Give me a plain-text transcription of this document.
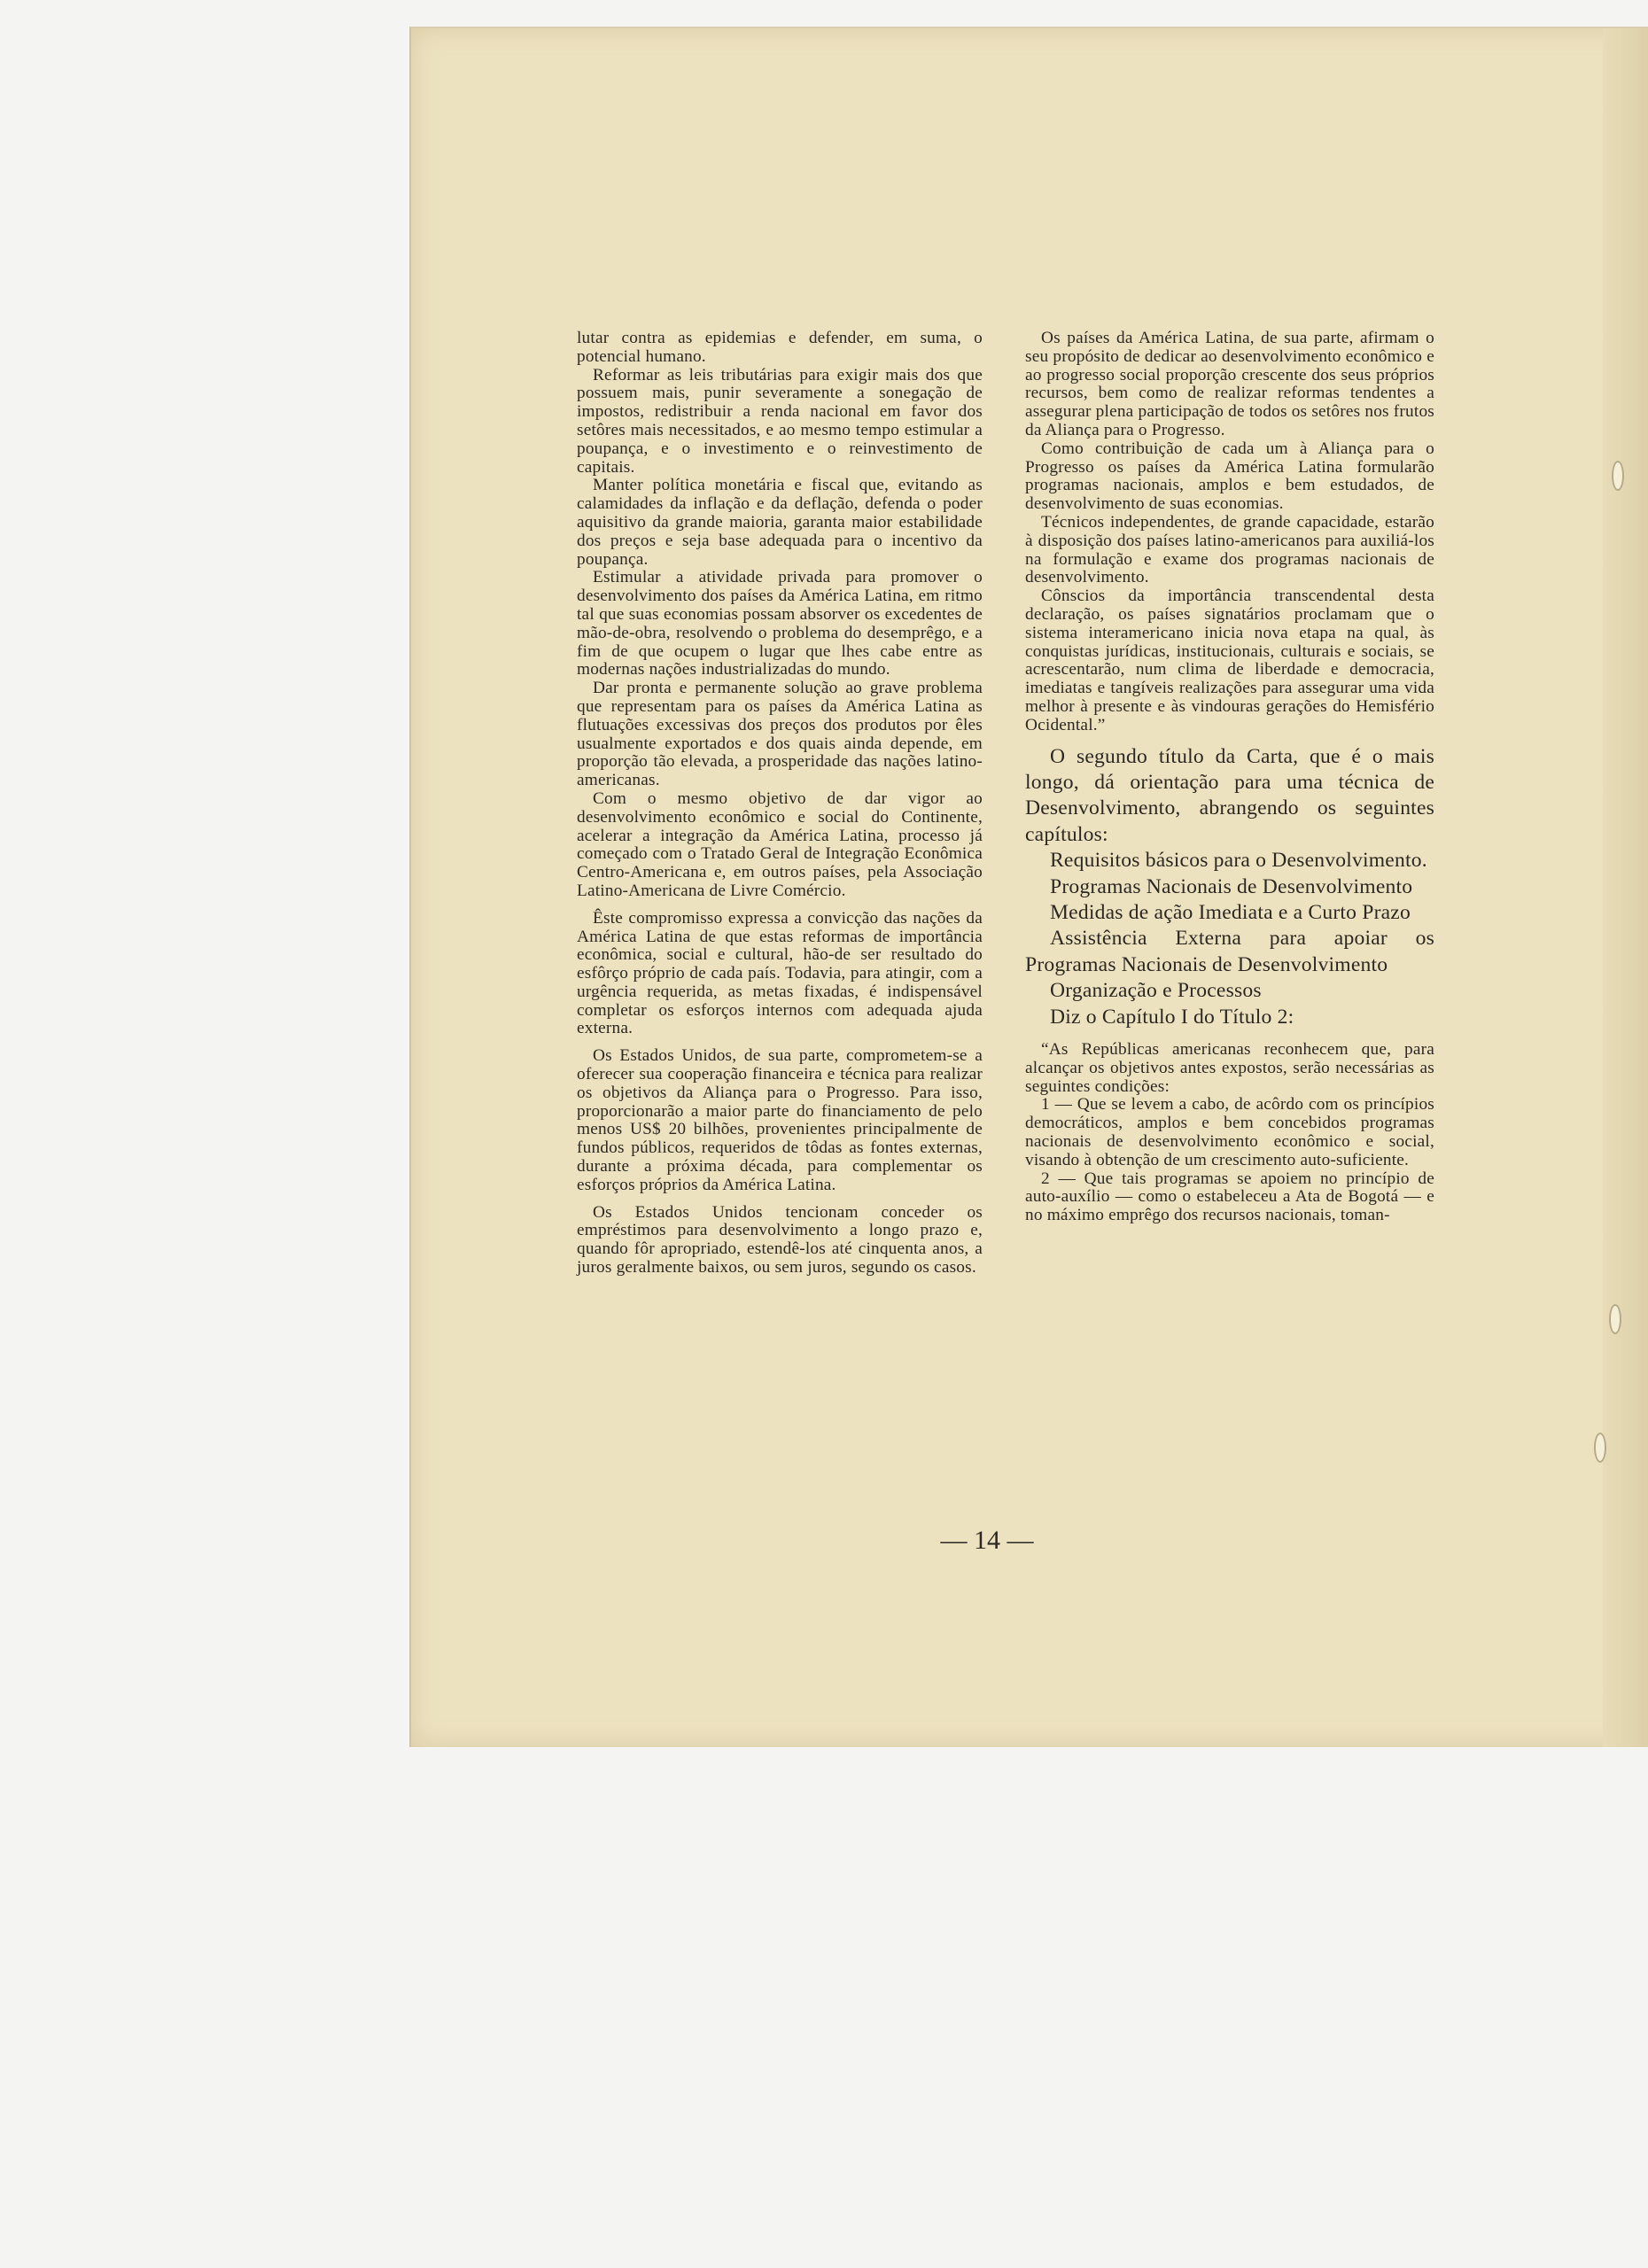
lutar contra as epidemias e defender, em suma, o potencial humano.

Reformar as leis tributárias para exigir mais dos que possuem mais, punir severamente a sonegação de impostos, redistribuir a renda nacional em favor dos setôres mais necessitados, e ao mesmo tempo estimular a poupança, e o investimento e o reinvestimento de capitais.

Manter política monetária e fiscal que, evitando as calamidades da inflação e da deflação, defenda o poder aquisitivo da grande maioria, garanta maior estabilidade dos preços e seja base adequada para o incentivo da poupança.

Estimular a atividade privada para promover o desenvolvimento dos países da América Latina, em ritmo tal que suas economias possam absorver os excedentes de mão-de-obra, resolvendo o problema do desemprêgo, e a fim de que ocupem o lugar que lhes cabe entre as modernas nações industrializadas do mundo.

Dar pronta e permanente solução ao grave problema que representam para os países da América Latina as flutuações excessivas dos preços dos produtos por êles usualmente exportados e dos quais ainda depende, em proporção tão elevada, a prosperidade das nações latino-americanas.

Com o mesmo objetivo de dar vigor ao desenvolvimento econômico e social do Continente, acelerar a integração da América Latina, processo já começado com o Tratado Geral de Integração Econômica Centro-Americana e, em outros países, pela Associação Latino-Americana de Livre Comércio.

Êste compromisso expressa a convicção das nações da América Latina de que estas reformas de importância econômica, social e cultural, hão-de ser resultado do esfôrço próprio de cada país. Todavia, para atingir, com a urgência requerida, as metas fixadas, é indispensável completar os esforços internos com adequada ajuda externa.

Os Estados Unidos, de sua parte, comprometem-se a oferecer sua cooperação financeira e técnica para realizar os objetivos da Aliança para o Progresso. Para isso, proporcionarão a maior parte do financiamento de pelo menos US$ 20 bilhões, provenientes principalmente de fundos públicos, requeridos de tôdas as fontes externas, durante a próxima década, para complementar os esforços próprios da América Latina.

Os Estados Unidos tencionam conceder os empréstimos para desenvolvimento a longo prazo e, quando fôr apropriado, estendê-los até cinquenta anos, a juros geralmente baixos, ou sem juros, segundo os casos.

Os países da América Latina, de sua parte, afirmam o seu propósito de dedicar ao desenvolvimento econômico e ao progresso social proporção crescente dos seus próprios recursos, bem como de realizar reformas tendentes a assegurar plena participação de todos os setôres nos frutos da Aliança para o Progresso.

Como contribuição de cada um à Aliança para o Progresso os países da América Latina formularão programas nacionais, amplos e bem estudados, de desenvolvimento de suas economias.

Técnicos independentes, de grande capacidade, estarão à disposição dos países latino-americanos para auxiliá-los na formulação e exame dos programas nacionais de desenvolvimento.

Cônscios da importância transcendental desta declaração, os países signatários proclamam que o sistema interamericano inicia nova etapa na qual, às conquistas jurídicas, institucionais, culturais e sociais, se acrescentarão, num clima de liberdade e democracia, imediatas e tangíveis realizações para assegurar uma vida melhor à presente e às vindouras gerações do Hemisfério Ocidental.”

O segundo título da Carta, que é o mais longo, dá orientação para uma técnica de Desenvolvimento, abrangendo os seguintes capítulos:

Requisitos básicos para o Desenvolvimento.

Programas Nacionais de Desenvolvimento

Medidas de ação Imediata e a Curto Prazo

Assistência Externa para apoiar os Programas Nacionais de Desenvolvimento

Organização e Processos

Diz o Capítulo I do Título 2:

“As Repúblicas americanas reconhecem que, para alcançar os objetivos antes expostos, serão necessárias as seguintes condições:

1 — Que se levem a cabo, de acôrdo com os princípios democráticos, amplos e bem concebidos programas nacionais de desenvolvimento econômico e social, visando à obtenção de um crescimento auto-suficiente.

2 — Que tais programas se apoiem no princípio de auto-auxílio — como o estabeleceu a Ata de Bogotá — e no máximo emprêgo dos recursos nacionais, toman-

— 14 —
